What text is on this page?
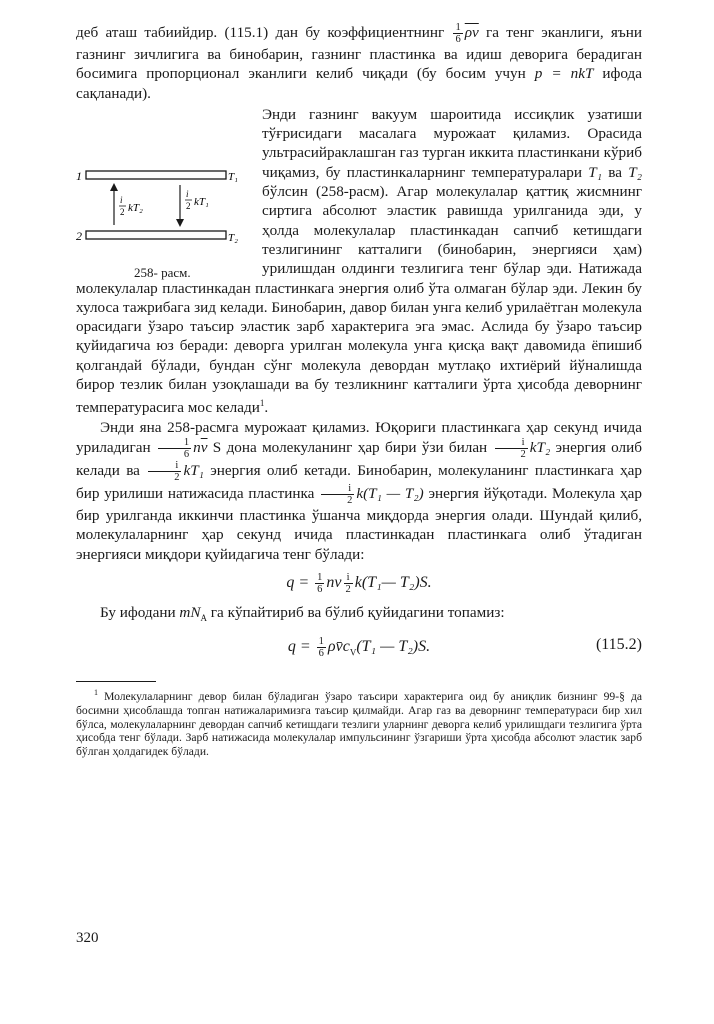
деб аташ табиийдир. (115.1) дан бу коэффициентнинг $\frac{1}{6} \overline{\rho v}$ га тенг эканлиги, яъни газнинг зичлигига ва бинобарин, газнинг пластинка ва идиш деворига берадиган босимига пропорционал эканлиги келиб чиқади (бу босим учун p = nkT ифода сақланади).

1
2
T₁
T₂
i
2 kT₂
i
2 kT₁
258- расм.

Энди газнинг вакуум шароитида иссиқлик узатиши тўғрисидаги масалага мурожаат қиламиз. Орасида ультрасийраклашган газ турган иккита пластинкани кўриб чиқамиз, бу пластинкаларнинг температуралари T₁ ва T₂ бўлсин (258-расм). Агар молекулалар қаттиқ жисмнинг сиртига абсолют эластик равишда урилганида эди, у ҳолда молекулалар пластинкадан сапчиб кетишдаги тезлигининг катталиги (бинобарин, энергияси ҳам) урилишдан олдинги тезлигига тенг бўлар эди. Натижада молекулалар пластинкадан пластинкага энергия олиб ўта олмаган бўлар эди. Лекин бу хулоса тажрибага зид келади. Бинобарин, давор билан унга келиб урилаётган молекула орасидаги ўзаро таъсир эластик зарб характерига эга эмас. Аслида бу ўзаро таъсир қуйидагича юз беради: деворга урилган молекула унга қисқа вақт давомида ёпишиб қолгандай бўлади, бундан сўнг молекула девордан мутлақо ихтиёрий йўналишда бирор тезлик билан узоқлашади ва бу тезликнинг катталиги ўрта ҳисобда деворнинг температурасига мос келади$^1$.

Энди яна 258-расмга мурожаат қиламиз. Юқориги пластинкага ҳар секунд ичида уриладиган $\frac{1}{6} n\overline{v}$ S дона молекуланинг ҳар бири ўзи билан $\frac{i}{2} kT_2$ энергия олиб келади ва $\frac{i}{2} kT_1$ энергия олиб кетади. Бинобарин, молекуланинг пластинкага ҳар бир урилиши натижасида пластинка $\frac{i}{2} k(T_1$ — T₂) энергия йўқотади. Молекула ҳар бир урилганда иккинчи пластинка ўшанча миқдорда энергия олади. Шундай қилиб, молекулаларнинг ҳар секунд ичида пластинкадан пластинкага олиб ўтадиган энергияси миқдори қуйидагича тенг бўлади:

$q = \frac{1}{6}$ nv $\frac{i}{2}$ k(T₁— T₂)S.

Бу ифодани $mN_A$ га кўпайтириб ва бўлиб қуйидагини топамиз:

$q = \frac{1}{6}$ $\rho v̄c_V(T_1$ — T₂)S.	(115.2)

$^1$ Молекулаларнинг девор билан бўладиган ўзаро таъсири характерига оид бу аниқлик бизнинг 99-§ да босимни ҳисоблашда топган натижаларимизга таъсир қилмайди. Агар газ ва деворнинг температураси бир хил бўлса, молекулаларнинг девордан сапчиб кетишдаги тезлиги уларнинг деворга келиб урилишдаги тезлигига ўрта ҳисобда тенг бўлади. Зарб натижасида молекулалар импульсининг ўзгариши ўрта ҳисобда абсолют эластик зарб бўлган ҳолдагидек бўлади.

320
